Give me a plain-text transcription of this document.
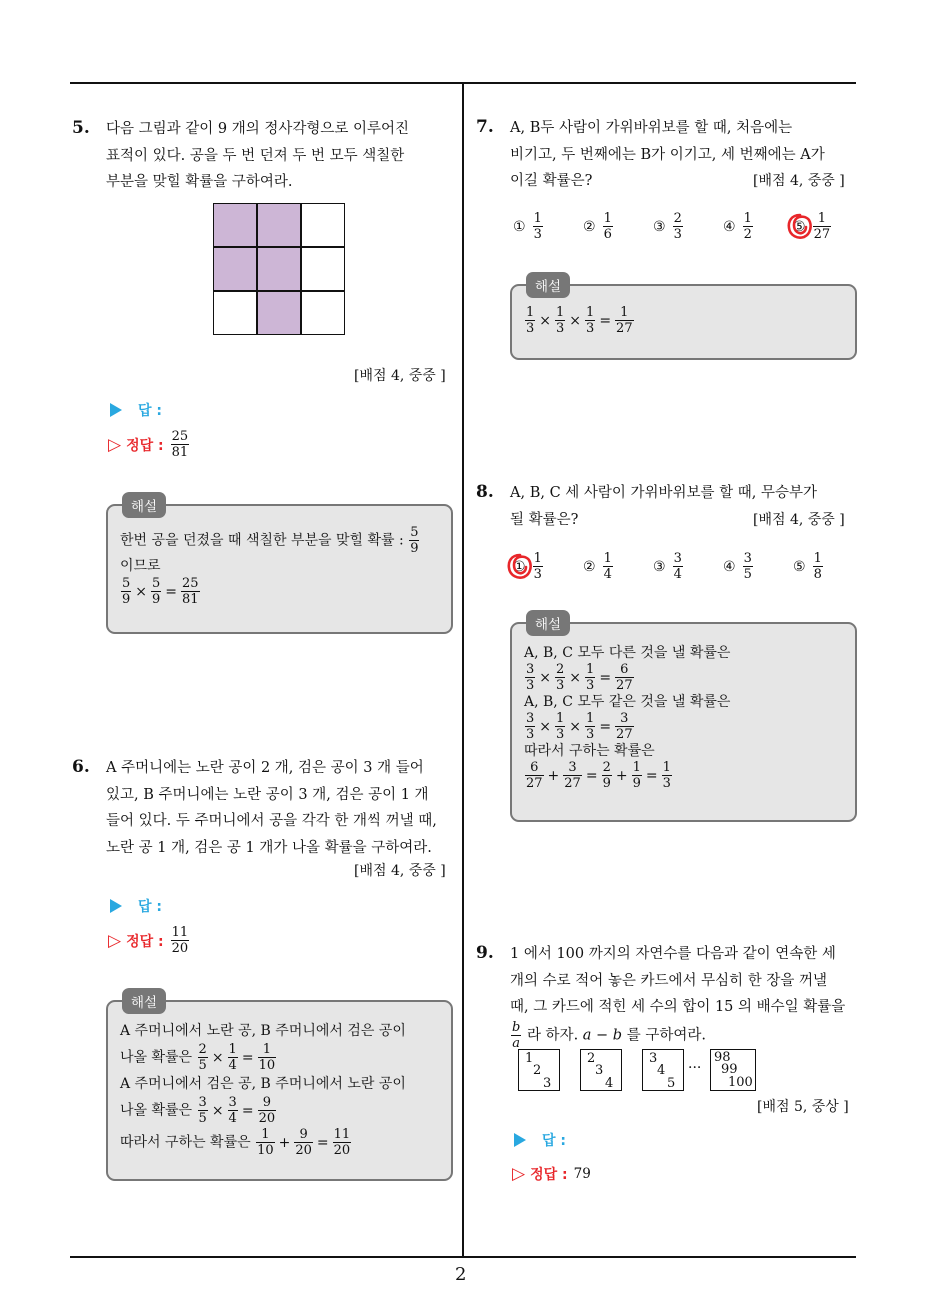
2
5. 다음 그림과 같이 9 개의 정사각형으로 이루어진
표적이 있다. 공을 두 번 던져 두 번 모두 색칠한
부분을 맞힐 확률을 구하여라.
[배점 4, 중중 ]
답 :
▷ 정답 : $\frac{25}{81}$
해설
한번 공을 던졌을 때 색칠한 부분을 맞힐 확률 : $\frac{5}{9}$
이므로
$\frac{5}{9} \times \frac{5}{9} = \frac{25}{81}$
6. A 주머니에는 노란 공이 2 개, 검은 공이 3 개 들어
있고, B 주머니에는 노란 공이 3 개, 검은 공이 1 개
들어 있다. 두 주머니에서 공을 각각 한 개씩 꺼낼 때,
노란 공 1 개, 검은 공 1 개가 나올 확률을 구하여라.
[배점 4, 중중 ]
답 :
▷ 정답 : $\frac{11}{20}$
해설
A 주머니에서 노란 공, B 주머니에서 검은 공이
나올 확률은 $\frac{2}{5} \times \frac{1}{4} = \frac{1}{10}$
A 주머니에서 검은 공, B 주머니에서 노란 공이
나올 확률은 $\frac{3}{5} \times \frac{3}{4} = \frac{9}{20}$
따라서 구하는 확률은 $\frac{1}{10} + \frac{9}{20} = \frac{11}{20}$
7. A, B두 사람이 가위바위보를 할 때, 처음에는
비기고, 두 번째에는 B가 이기고, 세 번째에는 A가
이길 확률은?	[배점 4, 중중 ]
① $\frac{1}{3}$	② $\frac{1}{6}$	③ $\frac{2}{3}$	④ $\frac{1}{2}$	⑤ $\frac{1}{27}$
해설
$\frac{1}{3} \times \frac{1}{3} \times \frac{1}{3} = \frac{1}{27}$
8. A, B, C 세 사람이 가위바위보를 할 때, 무승부가
될 확률은?	[배점 4, 중중 ]
① $\frac{1}{3}$	② $\frac{1}{4}$	③ $\frac{3}{4}$	④ $\frac{3}{5}$	⑤ $\frac{1}{8}$
해설
A, B, C 모두 다른 것을 낼 확률은
$\frac{3}{3} \times \frac{2}{3} \times \frac{1}{3} = \frac{6}{27}$
A, B, C 모두 같은 것을 낼 확률은
$\frac{3}{3} \times \frac{1}{3} \times \frac{1}{3} = \frac{3}{27}$
따라서 구하는 확률은
$\frac{6}{27} + \frac{3}{27} = \frac{2}{9} + \frac{1}{9} = \frac{1}{3}$
9. 1 에서 100 까지의 자연수를 다음과 같이 연속한 세
개의 수로 적어 놓은 카드에서 무심히 한 장을 꺼낼
때, 그 카드에 적힌 세 수의 합이 15 의 배수일 확률을
$\frac{b}{a}$ 라 하자. a − b 를 구하여라.
1
2
3
2
3
4
3
4
5
···
98
99
100
[배점 5, 중상 ]
답 :
▷ 정답 : 79
